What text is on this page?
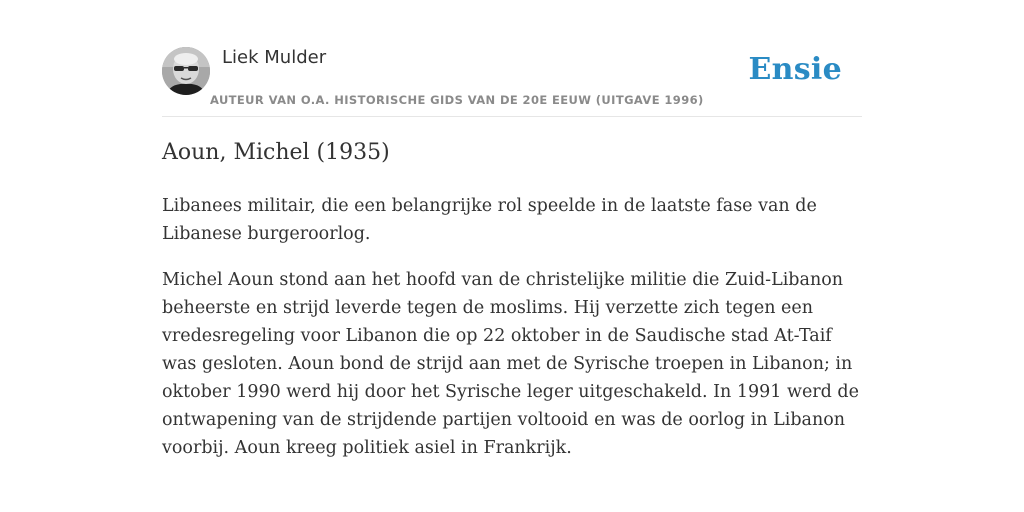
Liek Mulder
AUTEUR VAN O.A. HISTORISCHE GIDS VAN DE 20E EEUW (UITGAVE 1996)
Ensie
Aoun, Michel (1935)

Libanees militair, die een belangrijke rol speelde in de laatste fase van de Libanese burgeroorlog.

Michel Aoun stond aan het hoofd van de christelijke militie die Zuid-Libanon beheerste en strijd leverde tegen de moslims. Hij verzette zich tegen een vredesregeling voor Libanon die op 22 oktober in de Saudische stad At-Taif was gesloten. Aoun bond de strijd aan met de Syrische troepen in Libanon; in oktober 1990 werd hij door het Syrische leger uitgeschakeld. In 1991 werd de ontwapening van de strijdende partijen voltooid en was de oorlog in Libanon voorbij. Aoun kreeg politiek asiel in Frankrijk.
